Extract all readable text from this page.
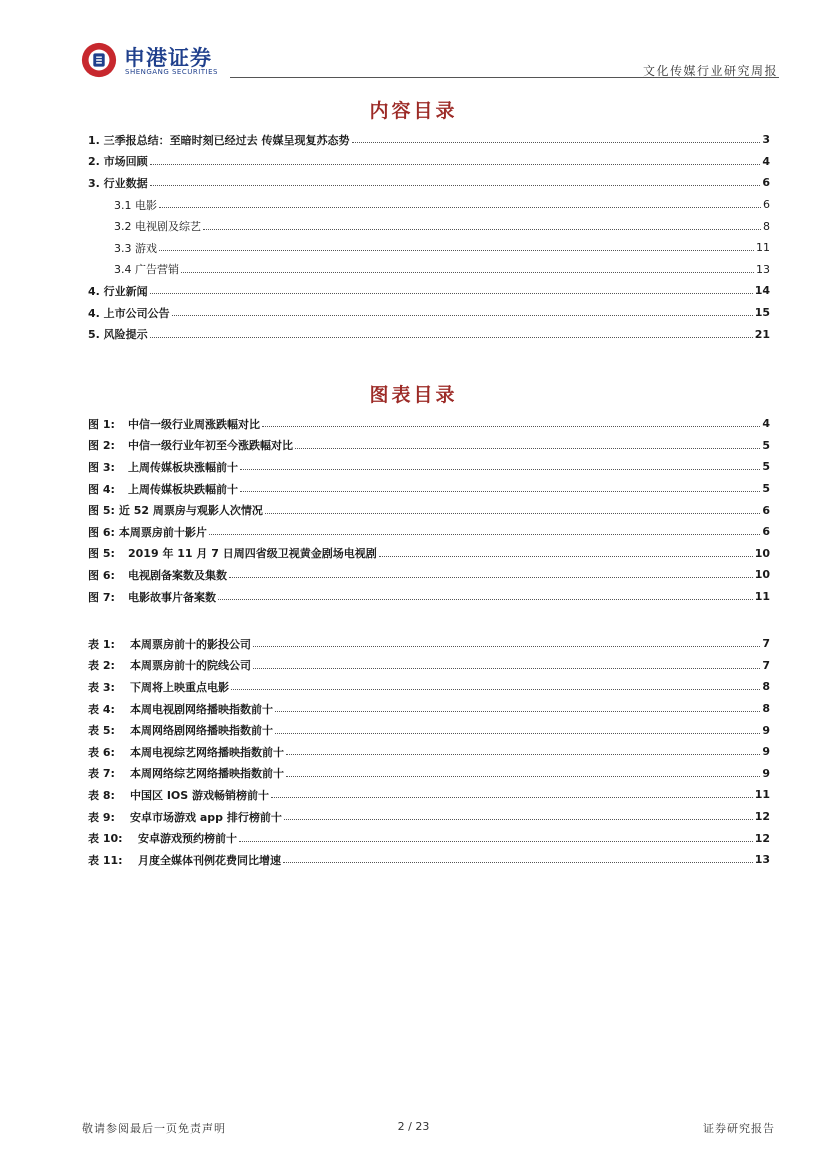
申港证券
SHENGANG SECURITIES	文化传媒行业研究周报
内容目录
1. 三季报总结：至暗时刻已经过去 传媒呈现复苏态势	3
2. 市场回顾	4
3. 行业数据	6
3.1 电影	6
3.2 电视剧及综艺	8
3.3 游戏	11
3.4 广告营销	13
4. 行业新闻	14
4. 上市公司公告	15
5. 风险提示	21
图表目录
图 1: 中信一级行业周涨跌幅对比	4
图 2: 中信一级行业年初至今涨跌幅对比	5
图 3: 上周传媒板块涨幅前十	5
图 4: 上周传媒板块跌幅前十	5
图 5: 近 52 周票房与观影人次情况	6
图 6: 本周票房前十影片	6
图 5: 2019 年 11 月 7 日周四省级卫视黄金剧场电视剧	10
图 6: 电视剧备案数及集数	10
图 7: 电影故事片备案数	11
表 1: 本周票房前十的影投公司	7
表 2: 本周票房前十的院线公司	7
表 3: 下周将上映重点电影	8
表 4: 本周电视剧网络播映指数前十	8
表 5: 本周网络剧网络播映指数前十	9
表 6: 本周电视综艺网络播映指数前十	9
表 7: 本周网络综艺网络播映指数前十	9
表 8: 中国区 IOS 游戏畅销榜前十	11
表 9: 安卓市场游戏 app 排行榜前十	12
表 10: 安卓游戏预约榜前十	12
表 11: 月度全媒体刊例花费同比增速	13
敬请参阅最后一页免责声明	2 / 23	证券研究报告
